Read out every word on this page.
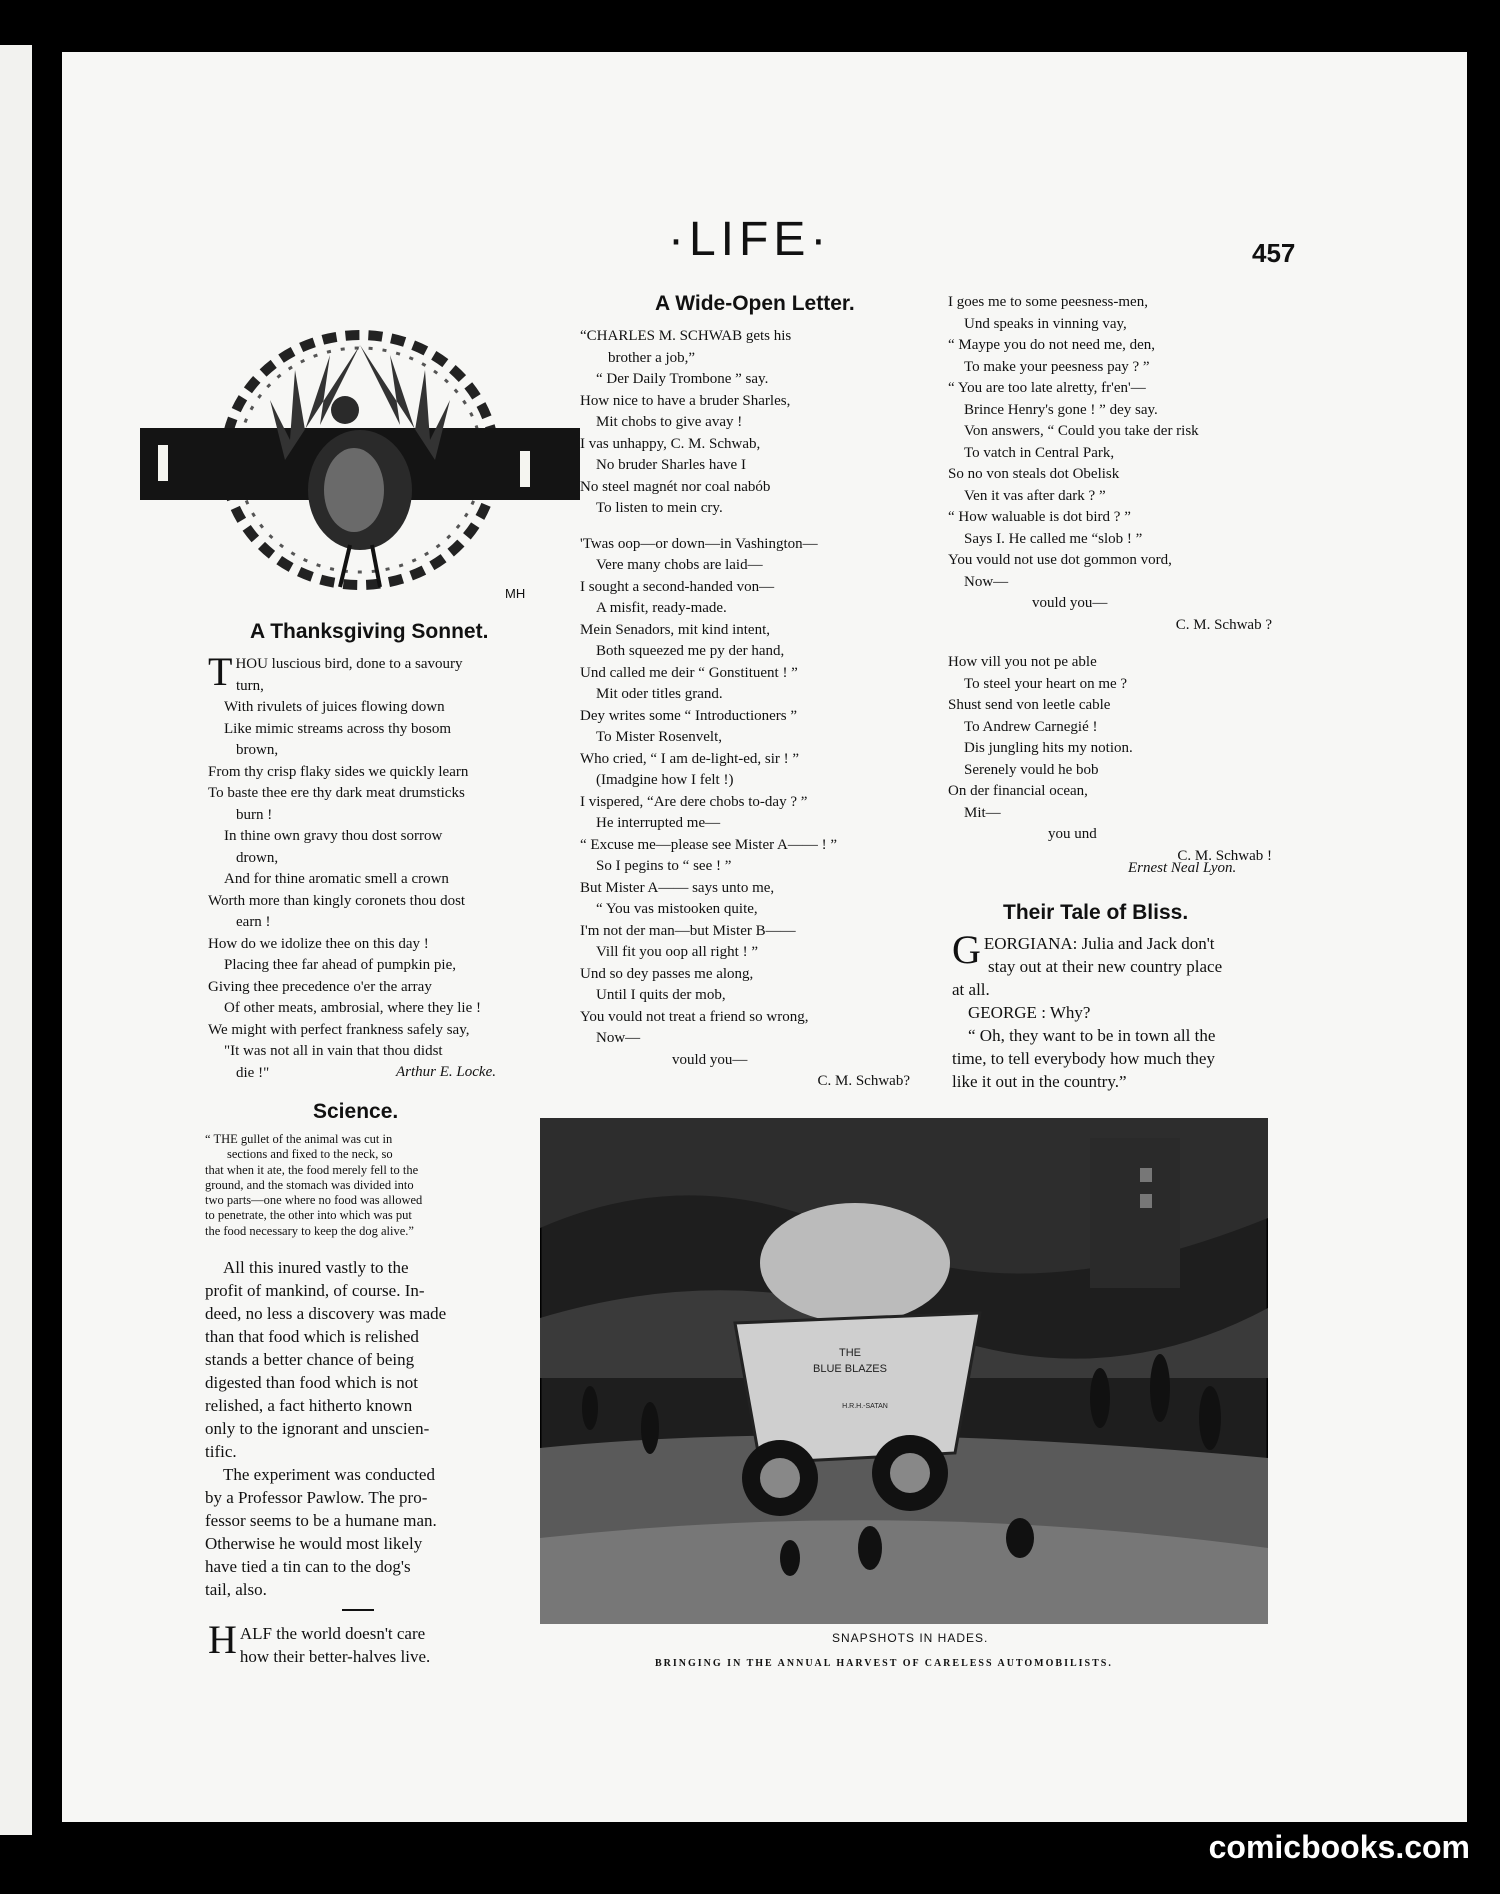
·LIFE·	457
MH
A Thanksgiving Sonnet.
T HOU luscious bird, done to a savoury
turn,
With rivulets of juices flowing down
Like mimic streams across thy bosom
brown,
From thy crisp flaky sides we quickly learn
To baste thee ere thy dark meat drumsticks
burn !
In thine own gravy thou dost sorrow
drown,
And for thine aromatic smell a crown
Worth more than kingly coronets thou dost
earn !
How do we idolize thee on this day !
Placing thee far ahead of pumpkin pie,
Giving thee precedence o'er the array
Of other meats, ambrosial, where they lie !
We might with perfect frankness safely say,
"It was not all in vain that thou didst
die !"	Arthur E. Locke.
A Wide-Open Letter.
“CHARLES M. SCHWAB gets his
brother a job,”
“ Der Daily Trombone ” say.
How nice to have a bruder Sharles,
Mit chobs to give avay !
I vas unhappy, C. M. Schwab,
No bruder Sharles have I
No steel magnét nor coal nabób
To listen to mein cry.
'Twas oop—or down—in Vashington—
Vere many chobs are laid—
I sought a second-handed von—
A misfit, ready-made.
Mein Senadors, mit kind intent,
Both squeezed me py der hand,
Und called me deir “ Gonstituent ! ”
Mit oder titles grand.
Dey writes some “ Introductioners ”
To Mister Rosenvelt,
Who cried, “ I am de-light-ed, sir ! ”
(Imadgine how I felt !)
I vispered, “Are dere chobs to-day ? ”
He interrupted me—
“ Excuse me—please see Mister A—— ! ”
So I pegins to “ see ! ”
But Mister A—— says unto me,
“ You vas mistooken quite,
I'm not der man—but Mister B——
Vill fit you oop all right ! ”
Und so dey passes me along,
Until I quits der mob,
You vould not treat a friend so wrong,
Now—
vould you—
C. M. Schwab?
I goes me to some peesness-men,
Und speaks in vinning vay,
“ Maype you do not need me, den,
To make your peesness pay ? ”
“ You are too late alretty, fr'en'—
Brince Henry's gone ! ” dey say.
Von answers, “ Could you take der risk
To vatch in Central Park,
So no von steals dot Obelisk
Ven it vas after dark ? ”
“ How waluable is dot bird ? ”
Says I. He called me “slob ! ”
You vould not use dot gommon vord,
Now—
vould you—
C. M. Schwab ?
How vill you not pe able
To steel your heart on me ?
Shust send von leetle cable
To Andrew Carnegié !
Dis jungling hits my notion.
Serenely vould he bob
On der financial ocean,
Mit—
you und
C. M. Schwab !
Ernest Neal Lyon.
Their Tale of Bliss.
G EORGIANA: Julia and Jack don't
stay out at their new country place
at all.
GEORGE : Why?
“ Oh, they want to be in town all the
time, to tell everybody how much they
like it out in the country.”
Science.
“ THE gullet of the animal was cut in
sections and fixed to the neck, so
that when it ate, the food merely fell to the
ground, and the stomach was divided into
two parts—one where no food was allowed
to penetrate, the other into which was put
the food necessary to keep the dog alive.”
All this inured vastly to the
profit of mankind, of course. In-
deed, no less a discovery was made
than that food which is relished
stands a better chance of being
digested than food which is not
relished, a fact hitherto known
only to the ignorant and unscien-
tific.
The experiment was conducted
by a Professor Pawlow. The pro-
fessor seems to be a humane man.
Otherwise he would most likely
have tied a tin can to the dog's
tail, also.
H ALF the world doesn't care
how their better-halves live.
THE
BLUE BLAZES
H.R.H.-SATAN
SNAPSHOTS IN HADES.
BRINGING IN THE ANNUAL HARVEST OF CARELESS AUTOMOBILISTS.
comicbooks.com
